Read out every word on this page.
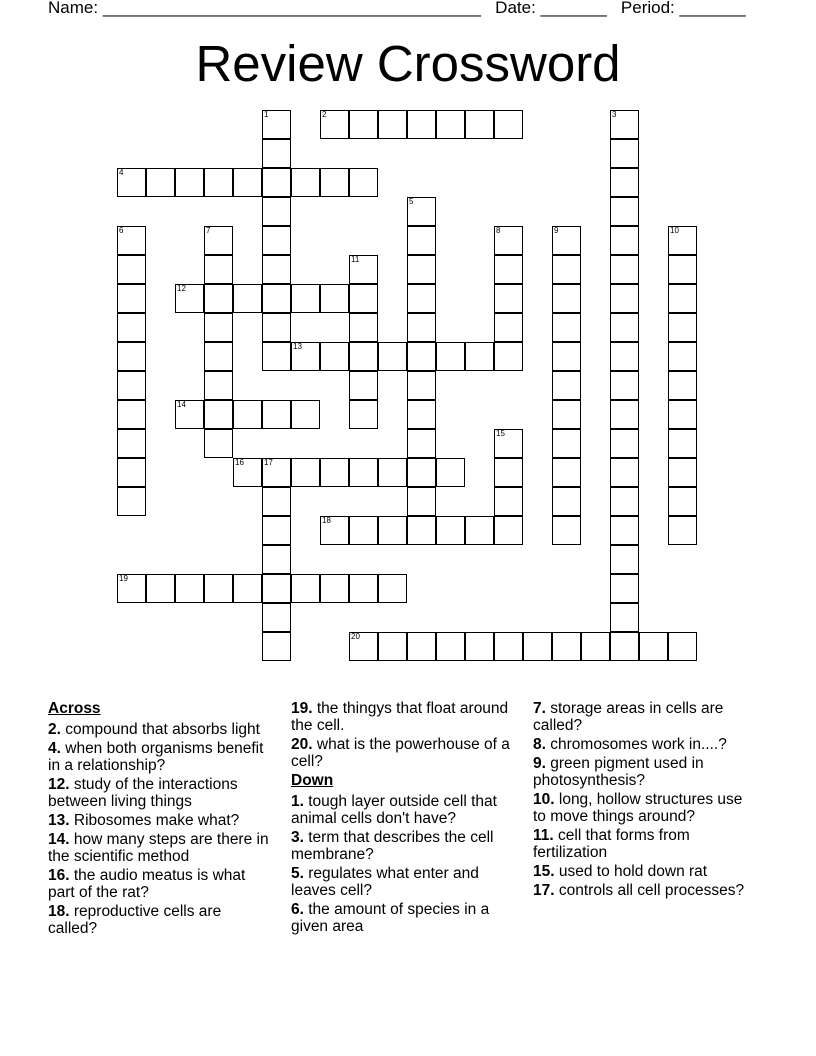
Name: ________________________________________ Date: _______ Period: _______
Review Crossword
1	2	3
4
5
6	7	8	9	10
11
12
13
14
15
16	17
18
19
20
Across
2. compound that absorbs light
4. when both organisms benefit in a relationship?
12. study of the interactions between living things
13. Ribosomes make what?
14. how many steps are there in the scientific method
16. the audio meatus is what part of the rat?
18. reproductive cells are called?
19. the thingys that float around the cell.
20. what is the powerhouse of a cell?
Down
1. tough layer outside cell that animal cells don't have?
3. term that describes the cell membrane?
5. regulates what enter and leaves cell?
6. the amount of species in a given area
7. storage areas in cells are called?
8. chromosomes work in....?
9. green pigment used in photosynthesis?
10. long, hollow structures use to move things around?
11. cell that forms from fertilization
15. used to hold down rat
17. controls all cell processes?
